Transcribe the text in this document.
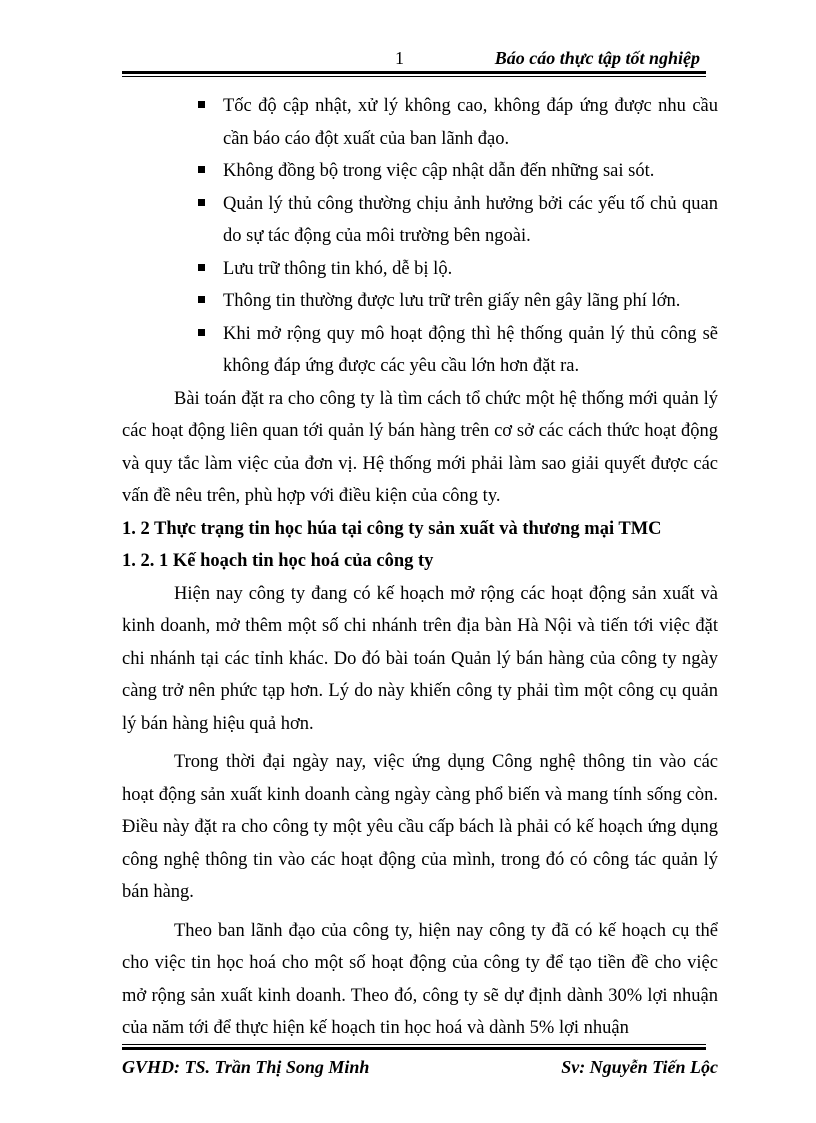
1	Báo cáo thực tập tốt nghiệp
Tốc độ cập nhật, xử lý không cao, không đáp ứng được nhu cầu cần báo cáo đột xuất của ban lãnh đạo.
Không đồng bộ trong việc cập nhật dẫn đến những sai sót.
Quản lý thủ công thường chịu ảnh hưởng bởi các yếu tố chủ quan do sự tác động của môi trường bên ngoài.
Lưu trữ thông tin khó, dễ bị lộ.
Thông tin thường được lưu trữ trên giấy nên gây lãng phí lớn.
Khi mở rộng quy mô hoạt động thì hệ thống quản lý thủ công sẽ không đáp ứng được các yêu cầu lớn hơn đặt ra.

Bài toán đặt ra cho công ty là tìm cách tổ chức một hệ thống mới quản lý các hoạt động liên quan tới quản lý bán hàng trên cơ sở các cách thức hoạt động và quy tắc làm việc của đơn vị. Hệ thống mới phải làm sao giải quyết được các vấn đề nêu trên, phù hợp với điều kiện của công ty.

1. 2 Thực trạng tin học húa tại công ty sản xuất và thương mại TMC
1. 2. 1 Kế hoạch tin học hoá của công ty

Hiện nay công ty đang có kế hoạch mở rộng các hoạt động sản xuất và kinh doanh, mở thêm một số chi nhánh trên địa bàn Hà Nội và tiến tới việc đặt chi nhánh tại các tỉnh khác. Do đó bài toán Quản lý bán hàng của công ty ngày càng trở nên phức tạp hơn. Lý do này khiến công ty phải tìm một công cụ quản lý bán hàng hiệu quả hơn.

Trong thời đại ngày nay, việc ứng dụng Công nghệ thông tin vào các hoạt động sản xuất kinh doanh càng ngày càng phổ biến và mang tính sống còn. Điều này đặt ra cho công ty một yêu cầu cấp bách là phải có kế hoạch ứng dụng công nghệ thông tin vào các hoạt động của mình, trong đó có công tác quản lý bán hàng.

Theo ban lãnh đạo của công ty, hiện nay công ty đã có kế hoạch cụ thể cho việc tin học hoá cho một số hoạt động của công ty để tạo tiền đề cho việc mở rộng sản xuất kinh doanh. Theo đó, công ty sẽ dự định dành 30% lợi nhuận của năm tới để thực hiện kế hoạch tin học hoá và dành 5% lợi nhuận

GVHD: TS. Trần Thị Song Minh	Sv: Nguyễn Tiến Lộc
